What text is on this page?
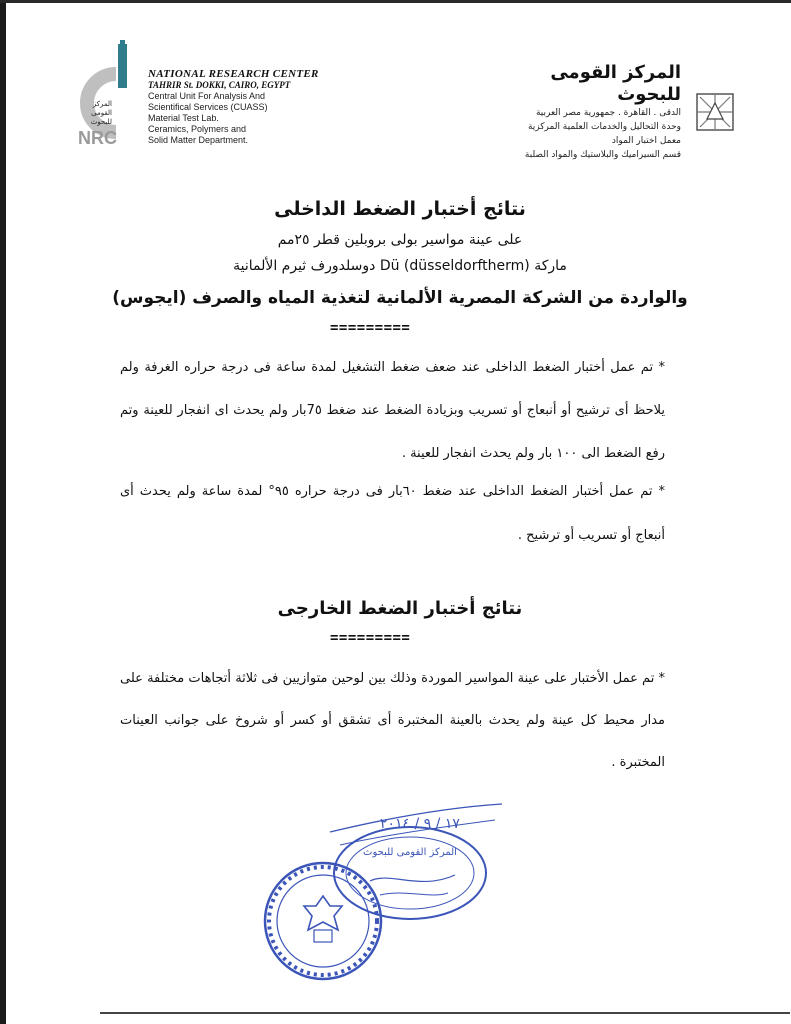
المركز
القومى
للبحوث
NRC
NATIONAL RESEARCH CENTER
TAHRIR St. DOKKI, CAIRO, EGYPT
Central Unit For Analysis And
Scientifical Services (CUASS)
Material Test Lab.
Ceramics, Polymers and
Solid Matter Department.
المركز القومى للبحوث
الدقى . القاهرة . جمهورية مصر العربية
وحدة التحاليل والخدمات العلمية المركزية
معمل اختبار المواد
قسم السيراميك والبلاستيك والمواد الصلبة
نتائج أختبار الضغط الداخلى
على عينة مواسير بولى بروبلين قطر ٢٥مم
ماركة (düsseldorftherm) Dü دوسلدورف ثيرم الألمانية
والواردة من الشركة المصرية الألمانية لتغذية المياه والصرف (ايجوس)
=========
* تم عمل أختبار الضغط الداخلى عند ضعف ضغط التشغيل لمدة ساعة فى درجة حراره الغرفة ولم يلاحظ أى ترشيح أو أنبعاج أو تسريب وبزيادة الضغط عند ضغط 7٥بار ولم يحدث اى انفجار للعينة وتم رفع الضغط الى ١٠٠ بار ولم يحدث انفجار للعينة .
* تم عمل أختبار الضغط الداخلى عند ضغط ٦٠بار فى درجة حراره ٩٥° لمدة ساعة ولم يحدث أى أنبعاج أو تسريب أو ترشيح .
نتائج أختبار الضغط الخارجى
=========
* تم عمل الأختبار على عينة المواسير الموردة وذلك بين لوحين متوازيين فى ثلاثة أتجاهات مختلفة على مدار محيط كل عينة ولم يحدث بالعينة المختبرة أى تشقق أو كسر أو شروخ على جوانب العينات المختبرة .
١٧ / ٩ / ٢٠١٤
المركز القومى للبحوث
